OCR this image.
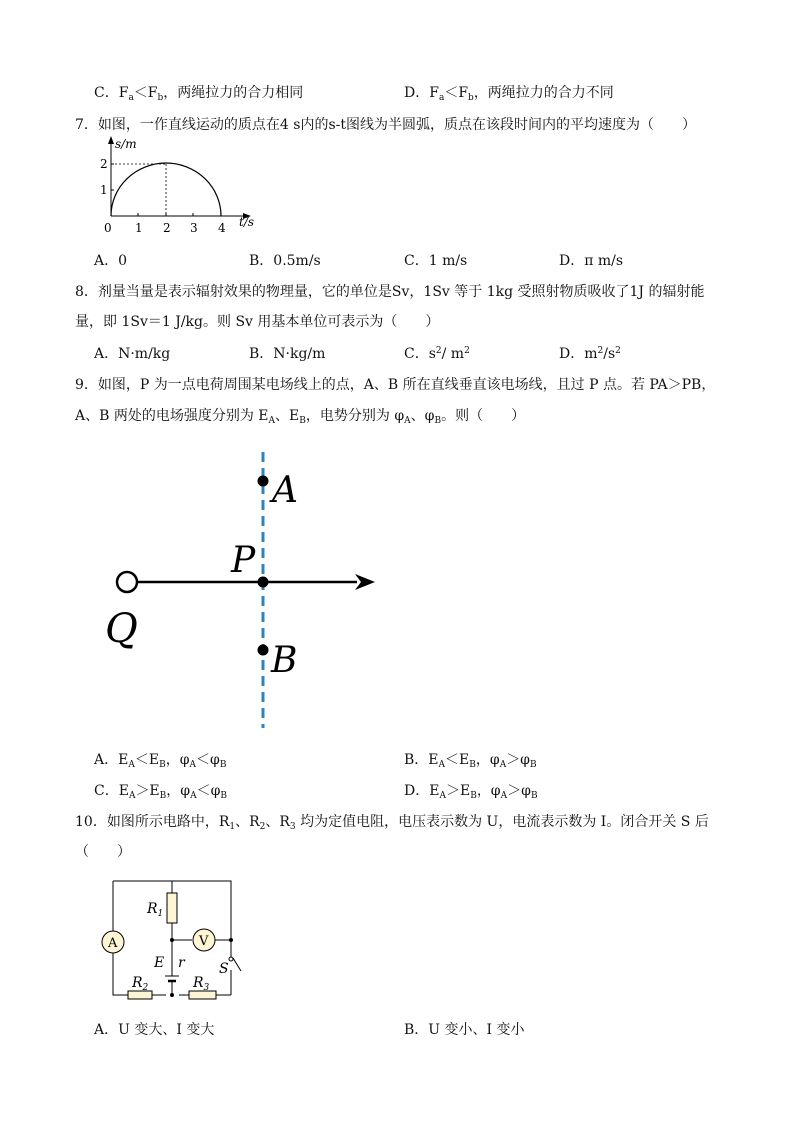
C．$F_a<F_b$，两绳拉力的合力相同	D．$F_a<F_b$，两绳拉力的合力不同
7．如图，一作直线运动的质点在4 s内的s-t图线为半圆弧，质点在该段时间内的平均速度为（　　）
s/m
t/s
0 1 2 3 4
1
2
A．0	B．0.5m/s	C．1 m/s	D．π m/s
8．剂量当量是表示辐射效果的物理量，它的单位是Sv，1Sv 等于 1kg 受照射物质吸收了1J 的辐射能
量，即 1Sv＝1 J/kg。则 Sv 用基本单位可表示为（　　）
A．N·m/kg	B．N·kg/m	C．$s^2/$ $m^2$	D．$m^2/s^2$
9．如图，P 为一点电荷周围某电场线上的点，A、B 所在直线垂直该电场线，且过 P 点。若 PA＞PB，
A、B 两处的电场强度分别为 $E_A$、$E_B$，电势分别为 $\varphi_A$、$\varphi_B$。则（　　）
A
P
Q
B
A．$E_A<E_B$，$\varphi_A<\varphi_B$	B．$E_A<E_B$，$\varphi_A>\varphi_B$
C．$E_A>E_B$，$\varphi_A<\varphi_B$	D．$E_A>E_B$，$\varphi_A>\varphi_B$
10．如图所示电路中，$R_1$、$R_2$、$R_3$ 均为定值电阻，电压表示数为 U，电流表示数为 I。闭合开关 S 后
（　　）
$R_1$
V
A
E r S
$R_2$	$R_3$
A．U 变大、I 变大	B．U 变小、I 变小
